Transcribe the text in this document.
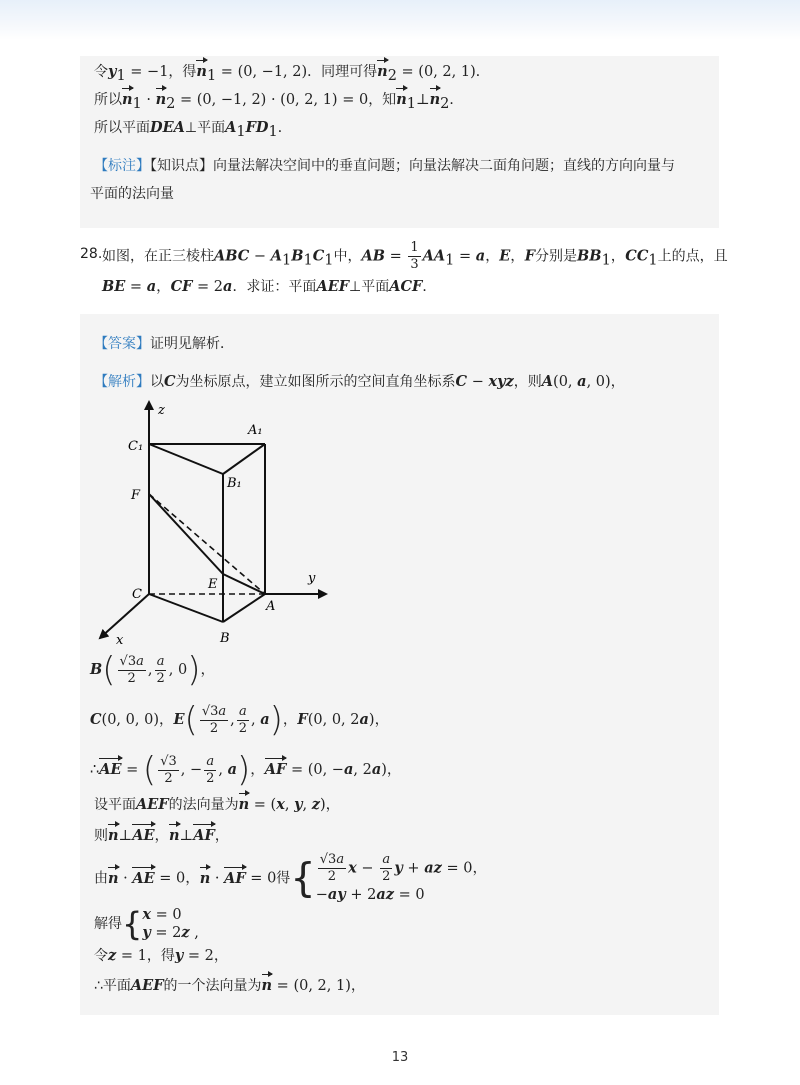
令$y_1 = -1$，得$n_1 = (0$, −1, 2)．同理可得$n_2 = (0$, 2, 1)．
所以$n_1 \cdot n_2 = (0$, −1, 2) · (0, 2, 1) = 0，知$n_1\perp n_2$．
所以平面DEA⊥平面$A_1FD_1$．
【标注】【知识点】向量法解决空间中的垂直问题；向量法解决二面角问题；直线的方向向量与
平面的法向量
28. 如图，在正三棱柱ABC − $A_1B_1C_1$中，AB = $\frac{1}{3} AA_1 = a$，E，F分别是$BB_1$，$CC_1$上的点，且
BE = a，CF = 2a．求证：平面AEF⊥平面ACF．
【答案】证明见解析．
【解析】以C为坐标原点，建立如图所示的空间直角坐标系C − xyz，则A(0, a, 0)，
z
A₁
C₁
B₁
F
E	y
C
A
B
x
$B( \frac{√3a}{2}$ , $\frac{a}{2}$ , 0)，
C(0, 0, 0)，$E( \frac{√3a}{2}$ , $\frac{a}{2}$ , a)，F(0, 0, 2a)，
∴AE = ( $\frac{√3}{2}$ , − $\frac{a}{2}$ , a)，AF = (0, −a, 2a)，
设平面AEF的法向量为n = (x, y, z)，
则n⊥AE，n⊥AF，
由n · AE = 0，n · AF = 0得{ $\frac{√3a}{2}$ $x - \frac{a}{2}$ y + az = 0，
−ay + 2az = 0
解得{ x = 0
y = 2z ,
令z = 1，得y = 2，
∴平面AEF的一个法向量为n = (0, 2, 1)，
13
